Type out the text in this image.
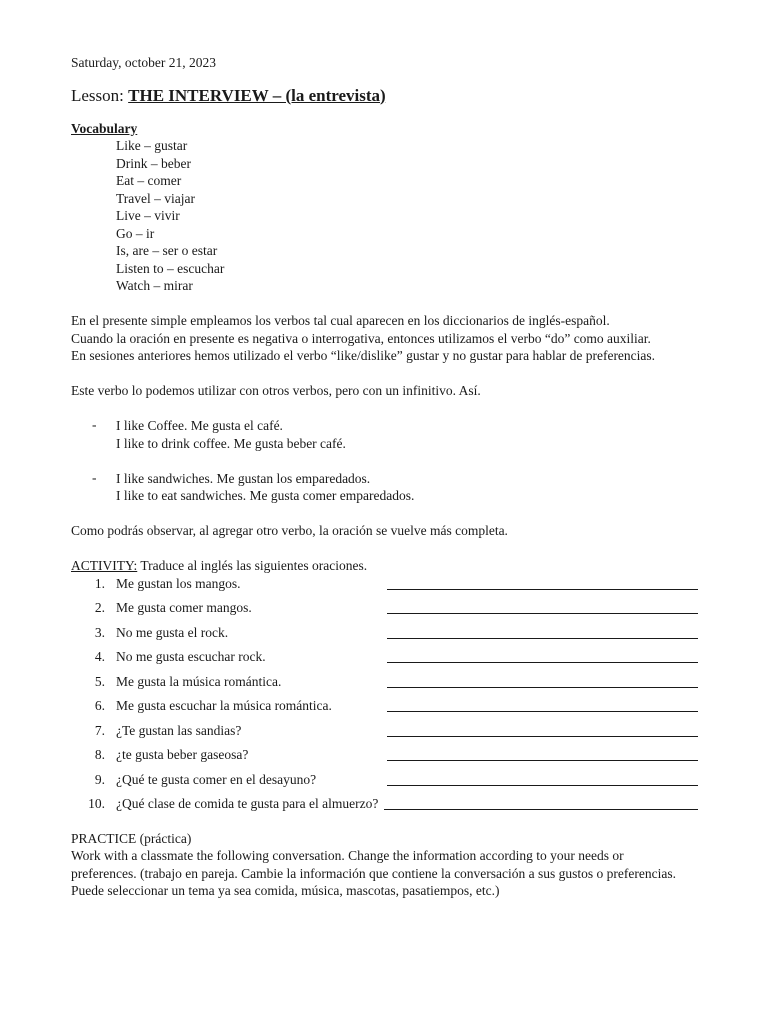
Saturday, october 21, 2023
Lesson: THE INTERVIEW – (la entrevista)
Vocabulary
Like – gustar
Drink – beber
Eat – comer
Travel – viajar
Live – vivir
Go – ir
Is, are – ser o estar
Listen to – escuchar
Watch – mirar
En el presente simple empleamos los verbos tal cual aparecen en los diccionarios de inglés-español.
Cuando la oración en presente es negativa o interrogativa, entonces utilizamos el verbo “do” como auxiliar.
En sesiones anteriores hemos utilizado el verbo “like/dislike” gustar y no gustar para hablar de preferencias.
Este verbo lo podemos utilizar con otros verbos, pero con un infinitivo. Así.
- I like Coffee. Me gusta el café.
I like to drink coffee. Me gusta beber café.
- I like sandwiches. Me gustan los emparedados.
I like to eat sandwiches. Me gusta comer emparedados.
Como podrás observar, al agregar otro verbo, la oración se vuelve más completa.
ACTIVITY: Traduce al inglés las siguientes oraciones.
1. Me gustan los mangos.
2. Me gusta comer mangos.
3. No me gusta el rock.
4. No me gusta escuchar rock.
5. Me gusta la música romántica.
6. Me gusta escuchar la música romántica.
7. ¿Te gustan las sandias?
8. ¿te gusta beber gaseosa?
9. ¿Qué te gusta comer en el desayuno?
10. ¿Qué clase de comida te gusta para el almuerzo?
PRACTICE (práctica)
Work with a classmate the following conversation. Change the information according to your needs or
preferences. (trabajo en pareja. Cambie la información que contiene la conversación a sus gustos o preferencias.
Puede seleccionar un tema ya sea comida, música, mascotas, pasatiempos, etc.)
